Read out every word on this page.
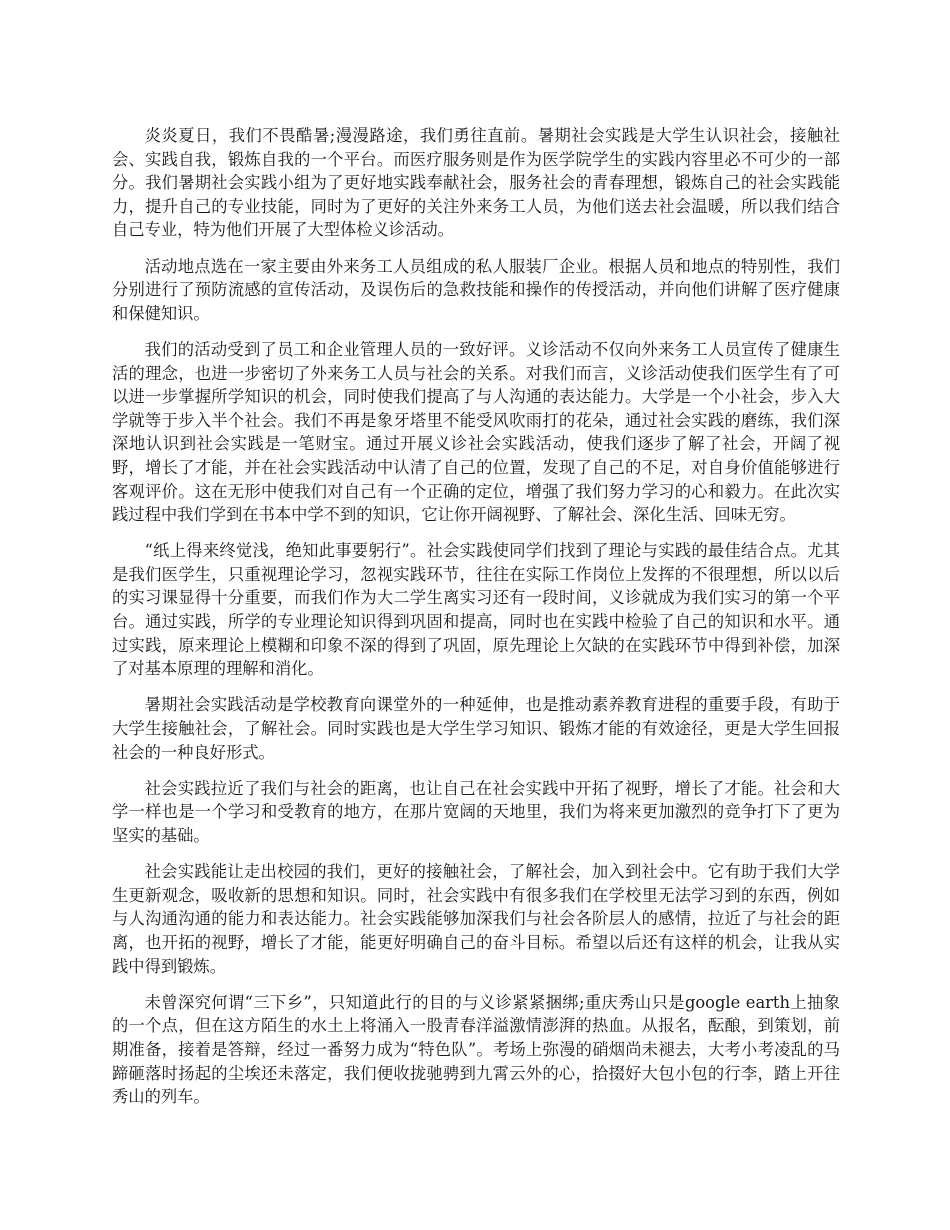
炎炎夏日，我们不畏酷暑;漫漫路途，我们勇往直前。暑期社会实践是大学生认识社会，接触社会、实践自我，锻炼自我的一个平台。而医疗服务则是作为医学院学生的实践内容里必不可少的一部分。我们暑期社会实践小组为了更好地实践奉献社会，服务社会的青春理想，锻炼自己的社会实践能力，提升自己的专业技能，同时为了更好的关注外来务工人员，为他们送去社会温暖，所以我们结合自己专业，特为他们开展了大型体检义诊活动。

活动地点选在一家主要由外来务工人员组成的私人服装厂企业。根据人员和地点的特别性，我们分别进行了预防流感的宣传活动，及误伤后的急救技能和操作的传授活动，并向他们讲解了医疗健康和保健知识。

我们的活动受到了员工和企业管理人员的一致好评。义诊活动不仅向外来务工人员宣传了健康生活的理念，也进一步密切了外来务工人员与社会的关系。对我们而言，义诊活动使我们医学生有了可以进一步掌握所学知识的机会，同时使我们提高了与人沟通的表达能力。大学是一个小社会，步入大学就等于步入半个社会。我们不再是象牙塔里不能受风吹雨打的花朵，通过社会实践的磨练，我们深深地认识到社会实践是一笔财宝。通过开展义诊社会实践活动，使我们逐步了解了社会，开阔了视野，增长了才能，并在社会实践活动中认清了自己的位置，发现了自己的不足，对自身价值能够进行客观评价。这在无形中使我们对自己有一个正确的定位，增强了我们努力学习的心和毅力。在此次实践过程中我们学到在书本中学不到的知识，它让你开阔视野、了解社会、深化生活、回味无穷。

“纸上得来终觉浅，绝知此事要躬行”。社会实践使同学们找到了理论与实践的最佳结合点。尤其是我们医学生，只重视理论学习，忽视实践环节，往往在实际工作岗位上发挥的不很理想，所以以后的实习课显得十分重要，而我们作为大二学生离实习还有一段时间，义诊就成为我们实习的第一个平台。通过实践，所学的专业理论知识得到巩固和提高，同时也在实践中检验了自己的知识和水平。通过实践，原来理论上模糊和印象不深的得到了巩固，原先理论上欠缺的在实践环节中得到补偿，加深了对基本原理的理解和消化。

暑期社会实践活动是学校教育向课堂外的一种延伸，也是推动素养教育进程的重要手段，有助于大学生接触社会，了解社会。同时实践也是大学生学习知识、锻炼才能的有效途径，更是大学生回报社会的一种良好形式。

社会实践拉近了我们与社会的距离，也让自己在社会实践中开拓了视野，增长了才能。社会和大学一样也是一个学习和受教育的地方，在那片宽阔的天地里，我们为将来更加激烈的竞争打下了更为坚实的基础。

社会实践能让走出校园的我们，更好的接触社会，了解社会，加入到社会中。它有助于我们大学生更新观念，吸收新的思想和知识。同时，社会实践中有很多我们在学校里无法学习到的东西，例如与人沟通沟通的能力和表达能力。社会实践能够加深我们与社会各阶层人的感情，拉近了与社会的距离，也开拓的视野，增长了才能，能更好明确自己的奋斗目标。希望以后还有这样的机会，让我从实践中得到锻炼。

未曾深究何谓“三下乡”，只知道此行的目的与义诊紧紧捆绑;重庆秀山只是google earth上抽象的一个点，但在这方陌生的水土上将涌入一股青春洋溢激情澎湃的热血。从报名，酝酿，到策划，前期准备，接着是答辩，经过一番努力成为“特色队”。考场上弥漫的硝烟尚未褪去，大考小考凌乱的马蹄砸落时扬起的尘埃还未落定，我们便收拢驰骋到九霄云外的心，拾掇好大包小包的行李，踏上开往秀山的列车。
